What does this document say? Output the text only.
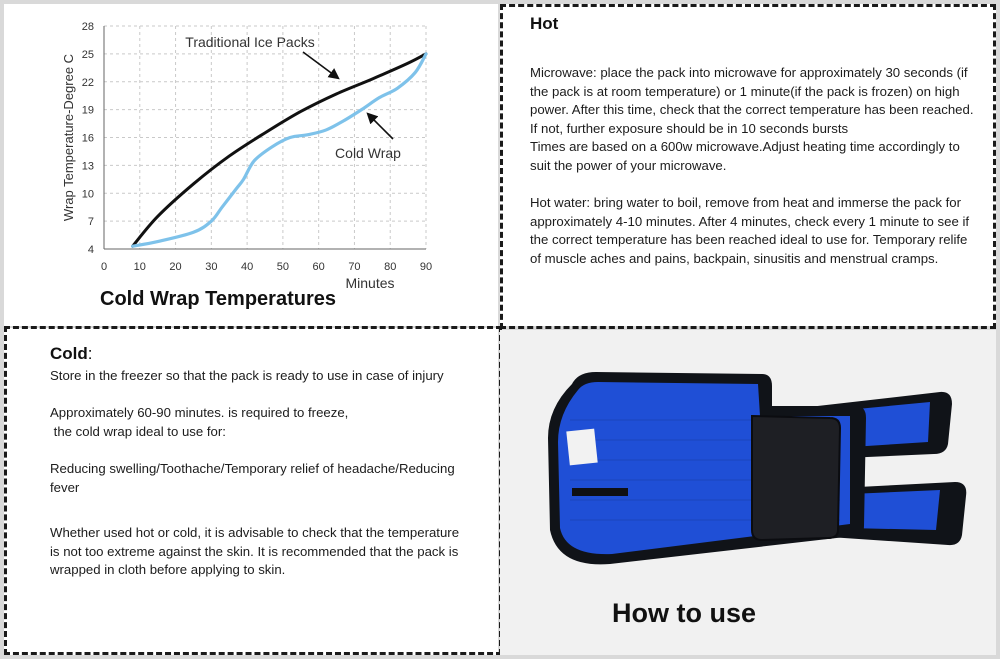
0 10 20 30 40 50 60 70 80 90
4
7
10
13
16
19
22
25
28
Minutes
Wrap Temperature-Degree C
Traditional Ice Packs
Cold Wrap
Cold Wrap Temperatures
Hot

Microwave: place the pack into microwave for approximately 30 seconds (if the pack is at room temperature) or 1 minute(if the pack is frozen) on high power. After this time, check that the correct temperature has been reached. If not, further exposure should be in 10 seconds bursts

Times are based on a 600w microwave.Adjust heating time accordingly to suit the power of your microwave.

Hot water: bring water to boil, remove from heat and immerse the pack for approximately 4-10 minutes. After 4 minutes, check every 1 minute to see if the correct temperature has been reached ideal to use for. Temporary relife of muscle aches and pains, backpain, sinusitis and menstrual cramps.

Cold:

Store in the freezer so that the pack is ready to use in case of injury

Approximately 60-90 minutes. is required to freeze,

the cold wrap ideal to use for:

Reducing swelling/Toothache/Temporary relief of headache/Reducing fever

Whether used hot or cold, it is advisable to check that the temperature is not too extreme against the skin. It is recommended that the pack is wrapped in cloth before applying to skin.

How to use
